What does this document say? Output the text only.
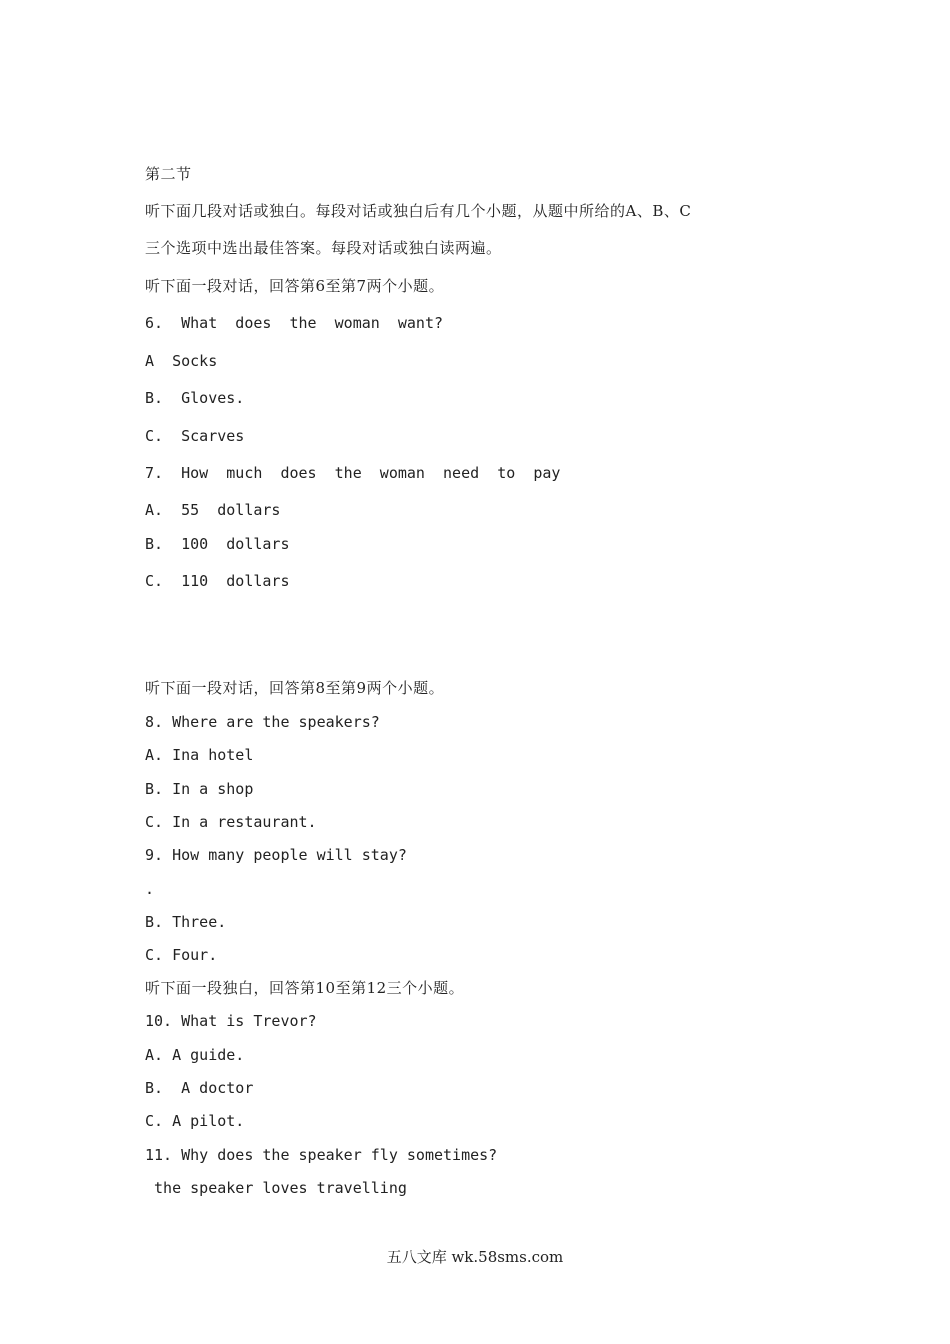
第二节
听下面几段对话或独白。每段对话或独白后有几个小题，从题中所给的A、B、C
三个选项中选出最佳答案。每段对话或独白读两遍。
听下面一段对话，回答第6至第7两个小题。
6.  What  does  the  woman  want?
A  Socks
B.  Gloves.
C.  Scarves
7.  How  much  does  the  woman  need  to  pay
A.  55  dollars
B.  100  dollars
C.  110  dollars
听下面一段对话，回答第8至第9两个小题。
8. Where are the speakers?
A. Ina hotel
B. In a shop
C. In a restaurant.
9. How many people will stay?
.
B. Three.
C. Four.
听下面一段独白，回答第10至第12三个小题。
10. What is Trevor?
A. A guide.
B.  A doctor
C. A pilot.
11. Why does the speaker fly sometimes?
the speaker loves travelling
五八文库 wk.58sms.com
